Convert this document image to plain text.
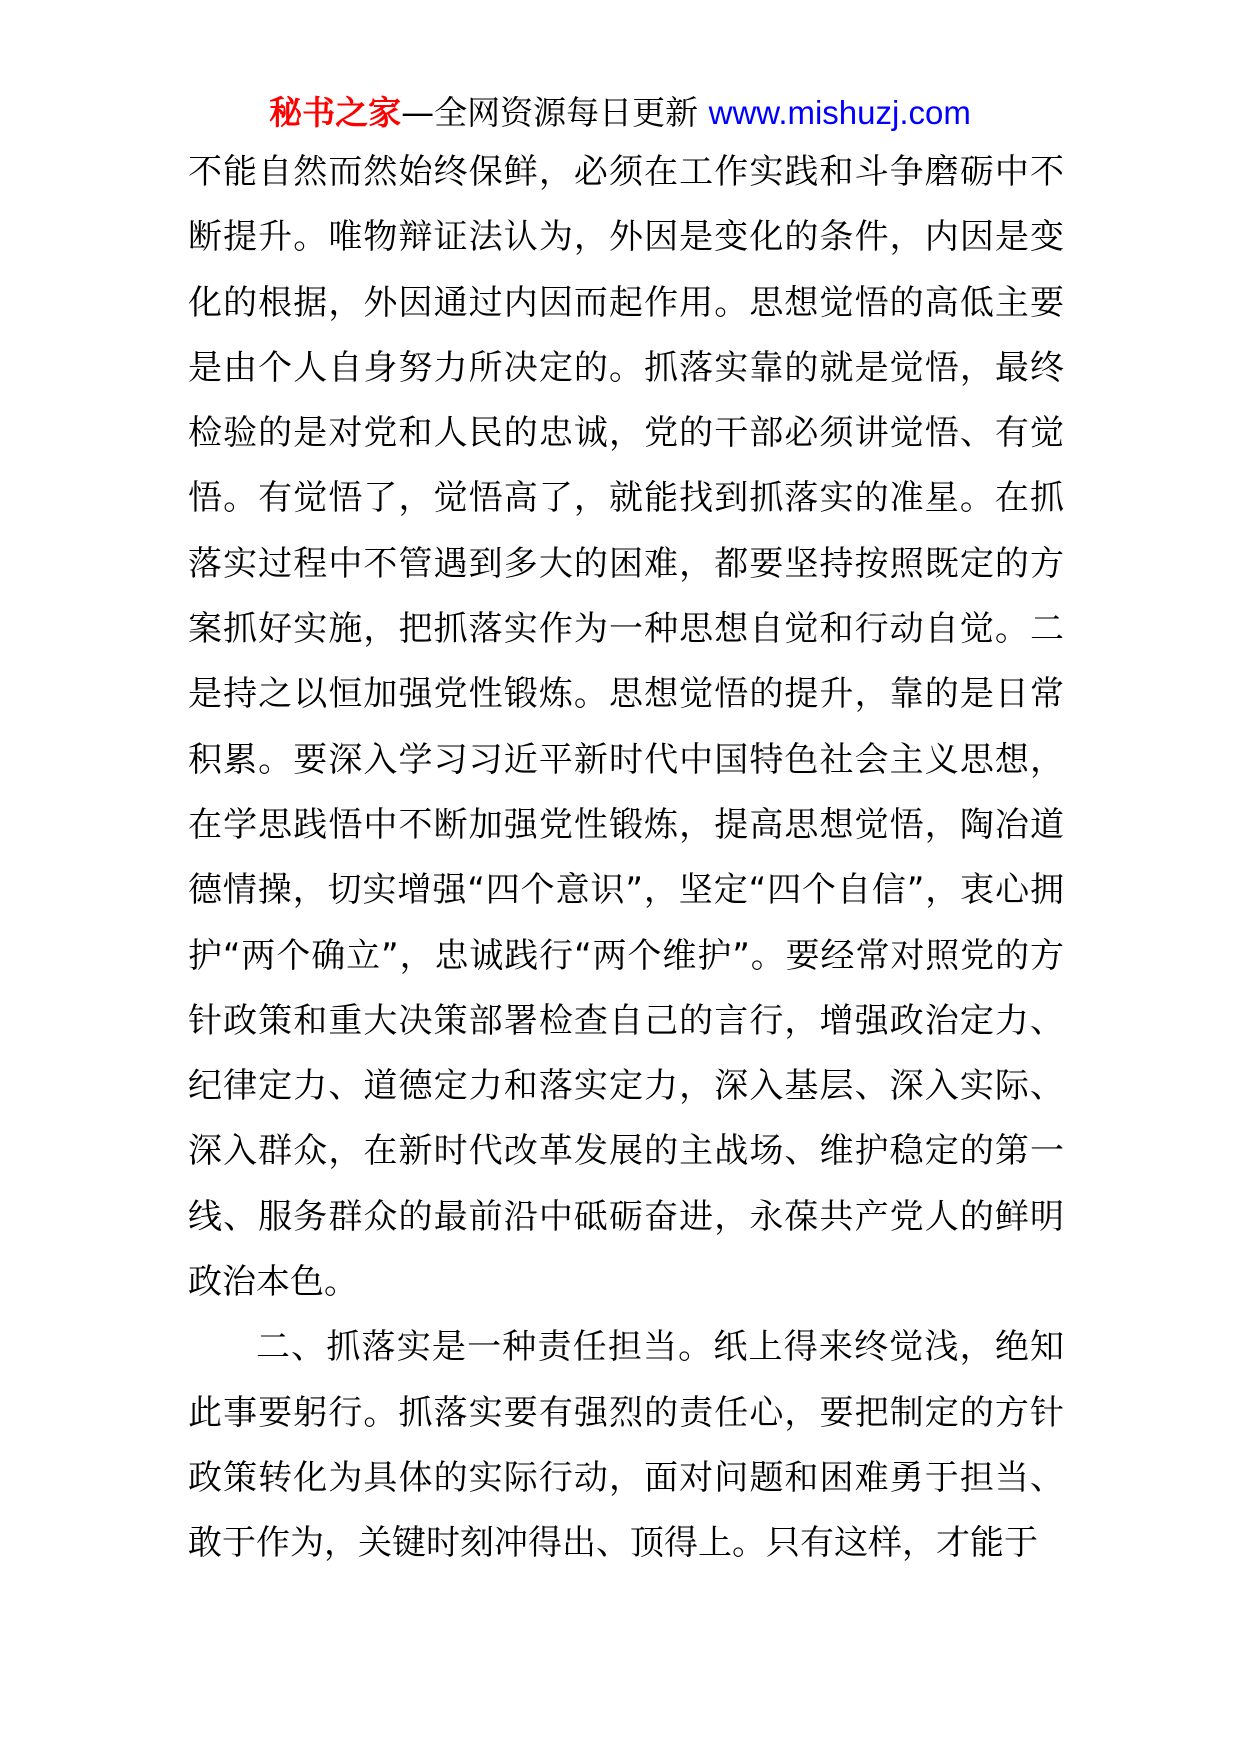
秘书之家—全网资源每日更新 www.mishuzj.com

不能自然而然始终保鲜，必须在工作实践和斗争磨砺中不断提升。唯物辩证法认为，外因是变化的条件，内因是变化的根据，外因通过内因而起作用。思想觉悟的高低主要是由个人自身努力所决定的。抓落实靠的就是觉悟，最终检验的是对党和人民的忠诚，党的干部必须讲觉悟、有觉悟。有觉悟了，觉悟高了，就能找到抓落实的准星。在抓落实过程中不管遇到多大的困难，都要坚持按照既定的方案抓好实施，把抓落实作为一种思想自觉和行动自觉。二是持之以恒加强党性锻炼。思想觉悟的提升，靠的是日常积累。要深入学习习近平新时代中国特色社会主义思想，在学思践悟中不断加强党性锻炼，提高思想觉悟，陶冶道德情操，切实增强“四个意识”，坚定“四个自信”，衷心拥护“两个确立”，忠诚践行“两个维护”。要经常对照党的方针政策和重大决策部署检查自己的言行，增强政治定力、纪律定力、道德定力和落实定力，深入基层、深入实际、深入群众，在新时代改革发展的主战场、维护稳定的第一线、服务群众的最前沿中砥砺奋进，永葆共产党人的鲜明政治本色。

二、抓落实是一种责任担当。纸上得来终觉浅，绝知此事要躬行。抓落实要有强烈的责任心，要把制定的方针政策转化为具体的实际行动，面对问题和困难勇于担当、敢于作为，关键时刻冲得出、顶得上。只有这样，才能于
